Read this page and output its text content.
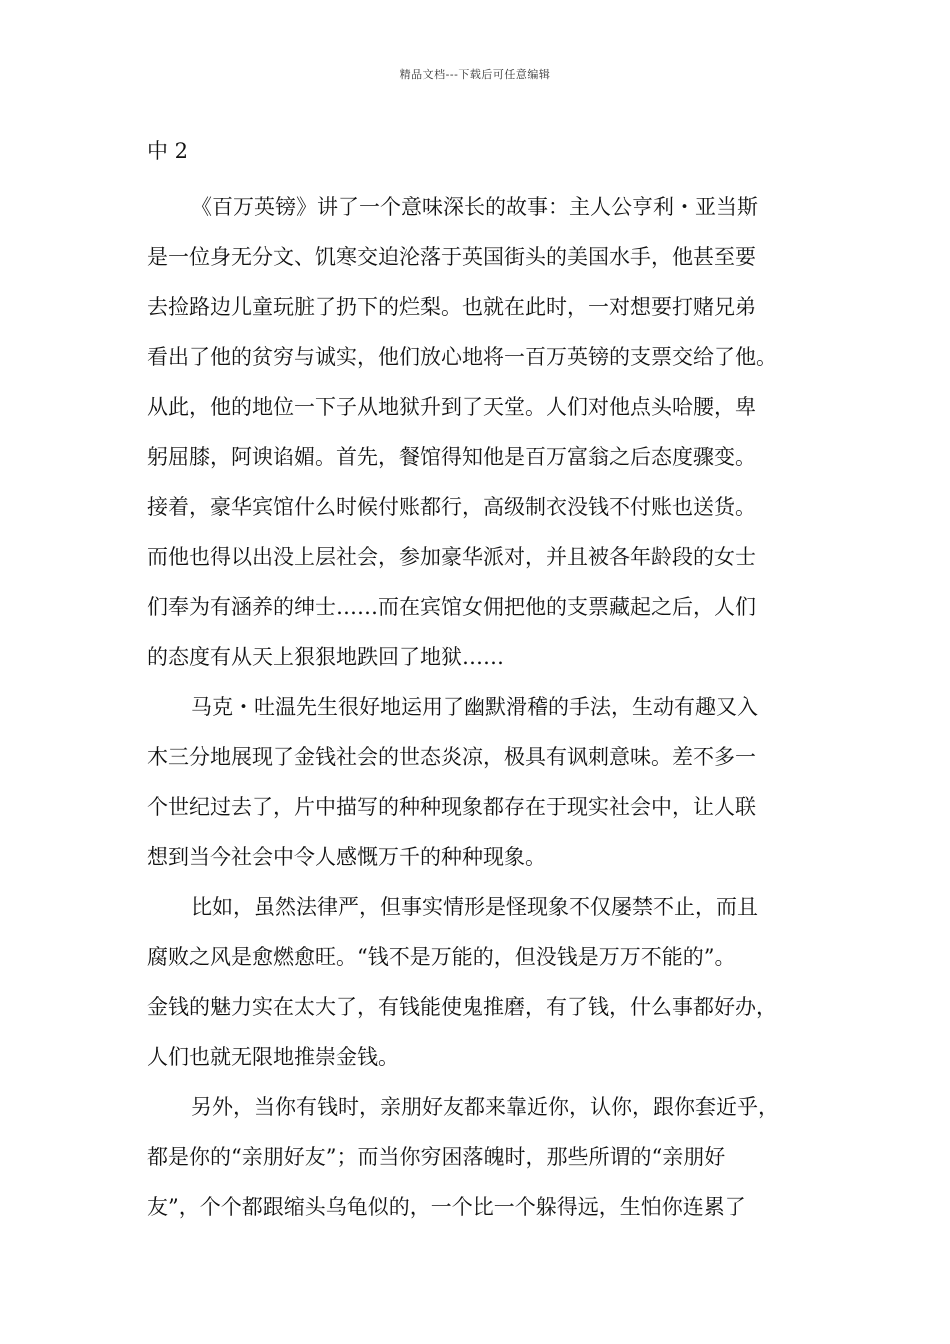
精品文档---下载后可任意编辑
中 2
《百万英镑》讲了一个意味深长的故事：主人公亨利・亚当斯
是一位身无分文、饥寒交迫沦落于英国街头的美国水手，他甚至要
去捡路边儿童玩脏了扔下的烂梨。也就在此时，一对想要打赌兄弟
看出了他的贫穷与诚实，他们放心地将一百万英镑的支票交给了他。
从此，他的地位一下子从地狱升到了天堂。人们对他点头哈腰，卑
躬屈膝，阿谀谄媚。首先，餐馆得知他是百万富翁之后态度骤变。
接着，豪华宾馆什么时候付账都行，高级制衣没钱不付账也送货。
而他也得以出没上层社会，参加豪华派对，并且被各年龄段的女士
们奉为有涵养的绅士……而在宾馆女佣把他的支票藏起之后，人们
的态度有从天上狠狠地跌回了地狱……
马克・吐温先生很好地运用了幽默滑稽的手法，生动有趣又入
木三分地展现了金钱社会的世态炎凉，极具有讽刺意味。差不多一
个世纪过去了，片中描写的种种现象都存在于现实社会中，让人联
想到当今社会中令人感慨万千的种种现象。
比如，虽然法律严，但事实情形是怪现象不仅屡禁不止，而且
腐败之风是愈燃愈旺。“钱不是万能的，但没钱是万万不能的”。
金钱的魅力实在太大了，有钱能使鬼推磨，有了钱，什么事都好办，
人们也就无限地推崇金钱。
另外，当你有钱时，亲朋好友都来靠近你，认你，跟你套近乎，
都是你的“亲朋好友”；而当你穷困落魄时，那些所谓的“亲朋好
友”，个个都跟缩头乌龟似的，一个比一个躲得远，生怕你连累了
